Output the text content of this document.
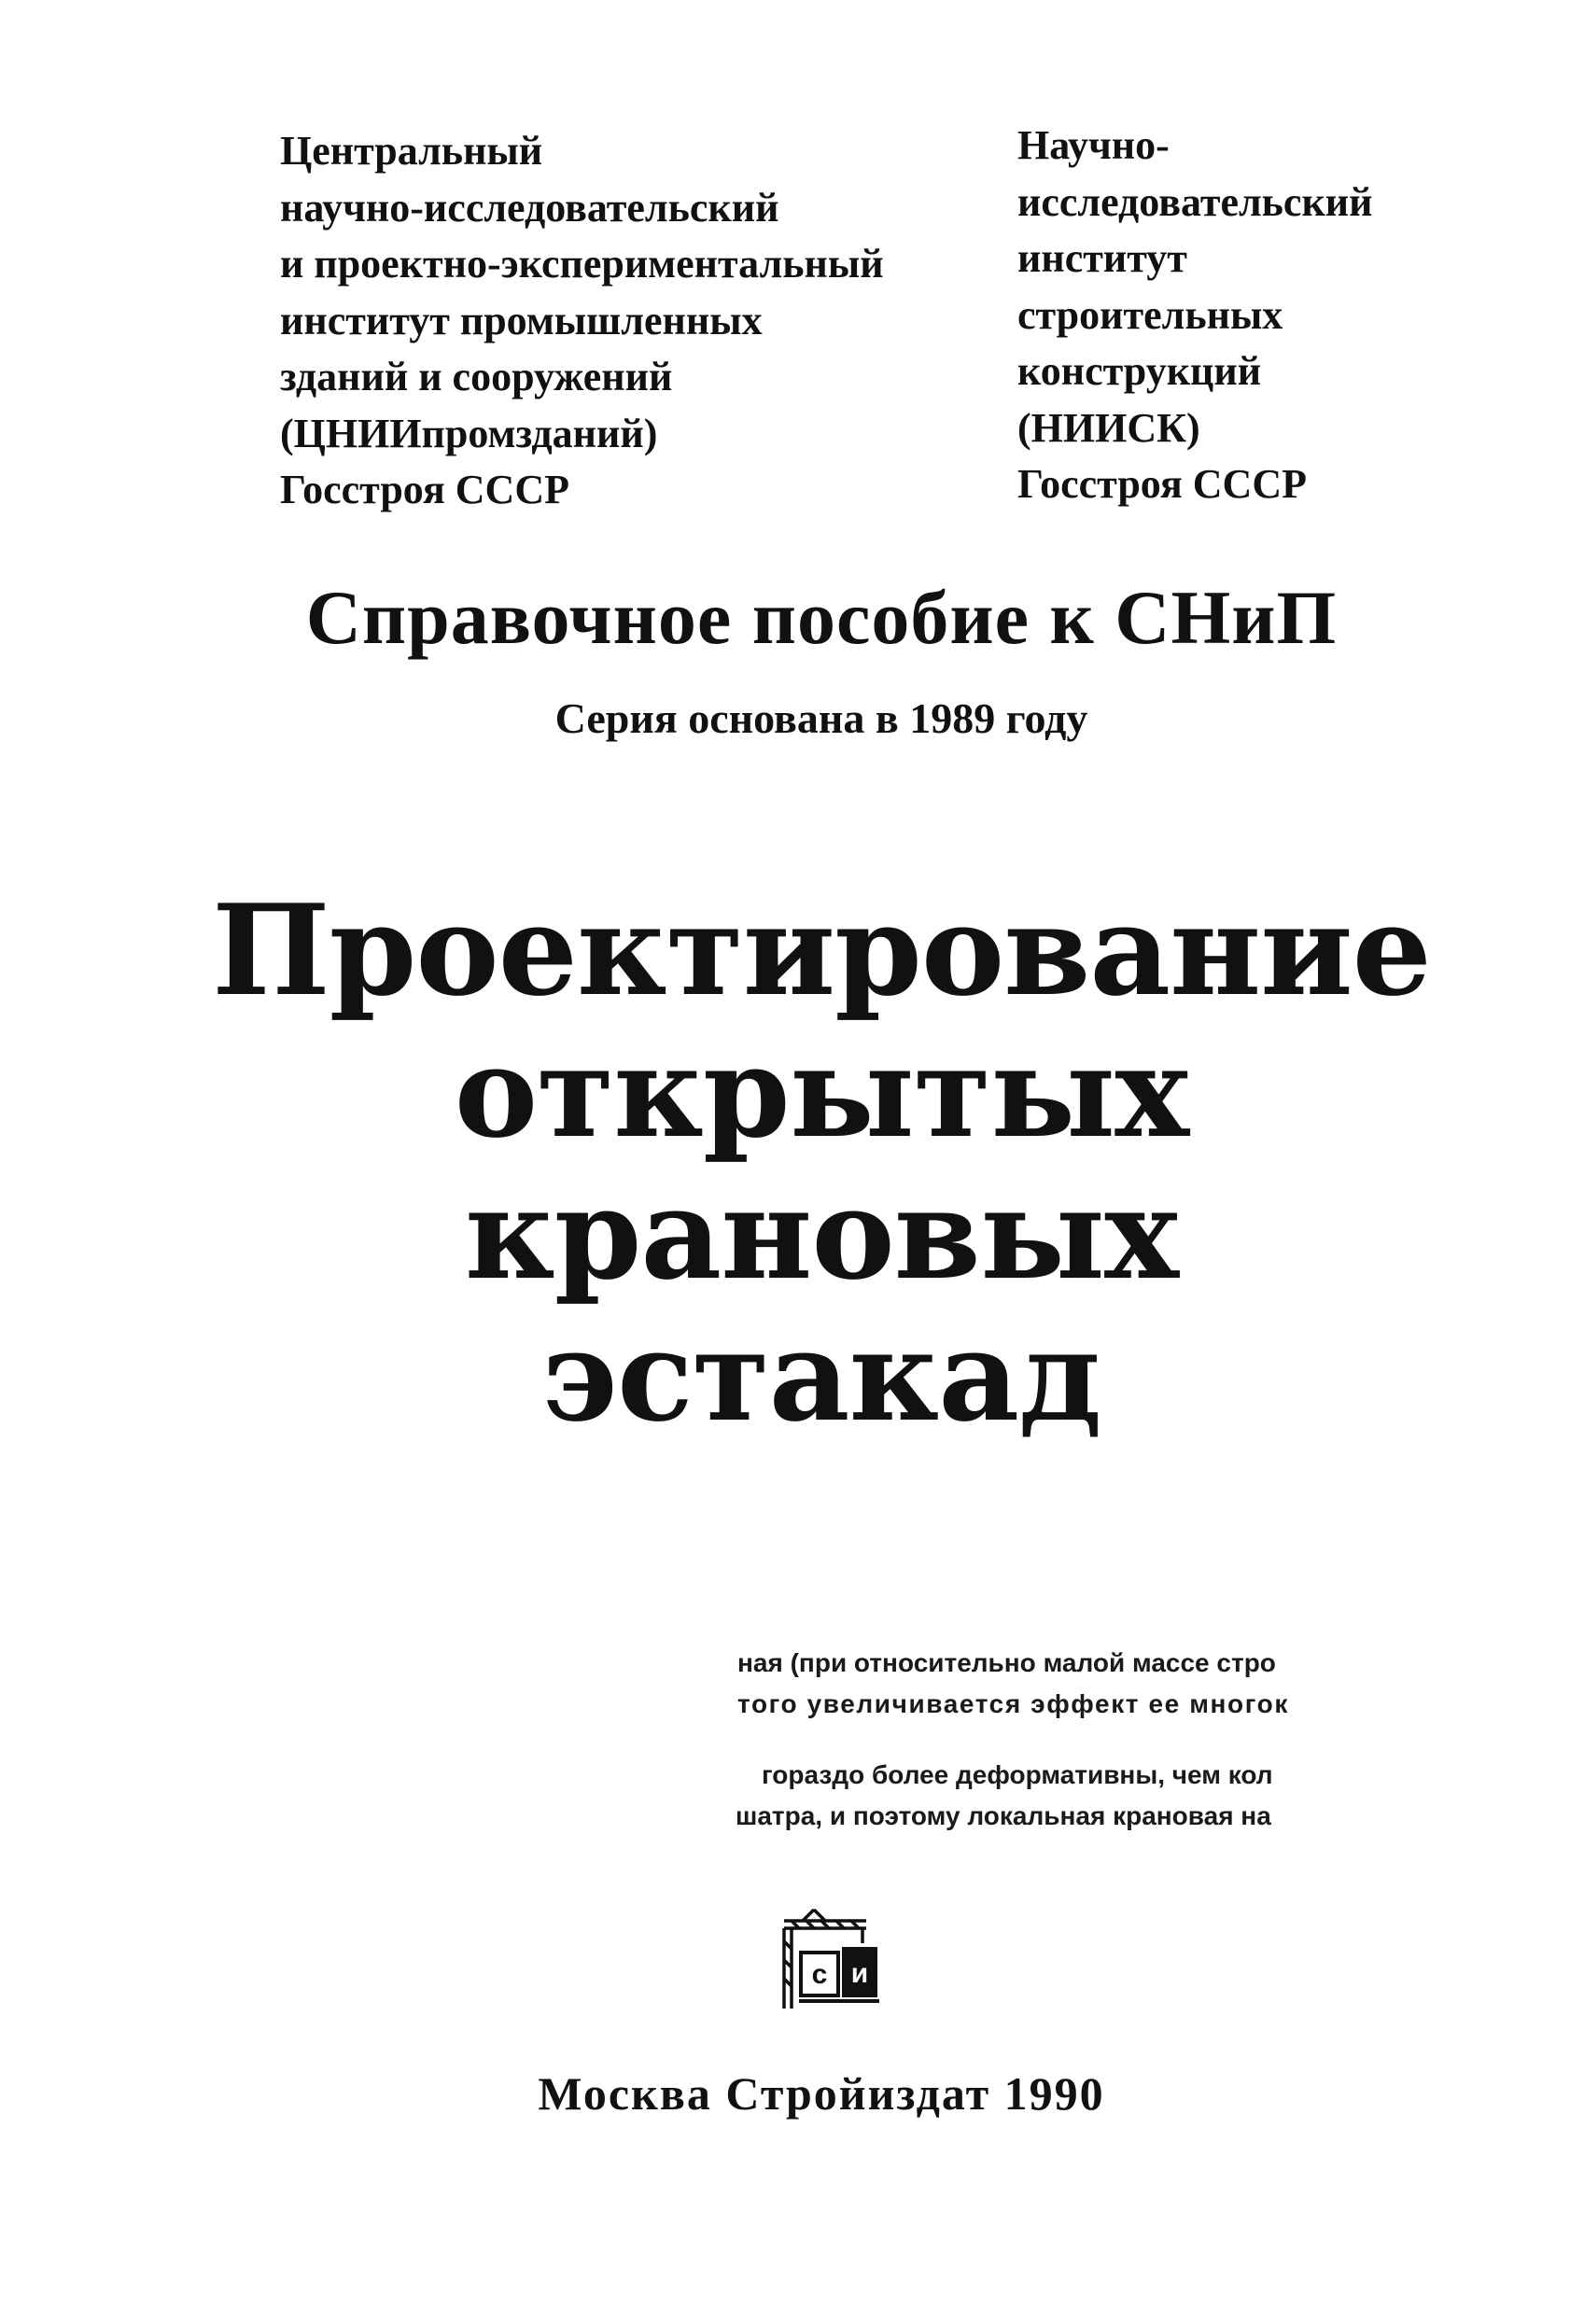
Центральный
научно-исследовательский
и проектно-экспериментальный
институт промышленных
зданий и сооружений
(ЦНИИпромзданий)
Госстроя СССР
Научно-
исследовательский
институт
строительных
конструкций
(НИИСК)
Госстроя СССР
Справочное пособие к СНиП
Серия основана в 1989 году
Проектирование
открытых
крановых
эстакад
ная (при относительно малой массе стро
того увеличивается эффект ее многок
гораздо более деформативны, чем кол
шатра, и поэтому локальная крановая на
с и
Москва Стройиздат 1990
